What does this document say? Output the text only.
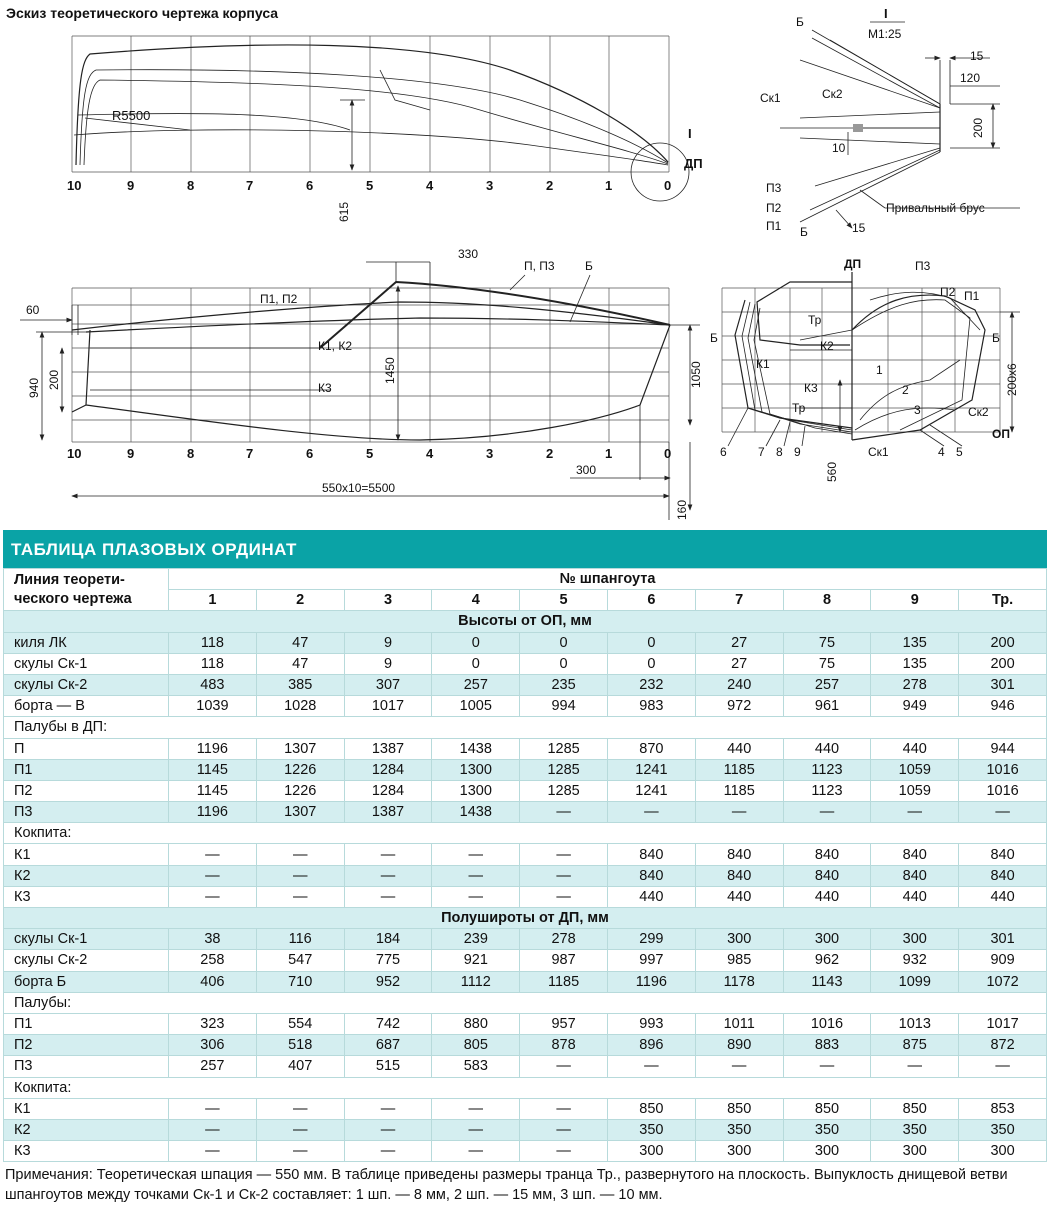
Эскиз теоретического чертежа корпуса
R5500
615
I
ДП
10	9	8	7	6	5	4	3	2	1	0
I
М1:25
15
120
200
10
15
Б
Ск1	Ск2
П3
П2
П1 Б
Привальный брус
П1, П2
П, П3	Б
К1, К2
К3
330
1450
60
940 200	1050
300
550х10=5500
160
10	9	8	7	6	5	4	3	2	1	0
200х6
560
ДП
Б	Б
П3
П2 П1
Тр
К2
К1
К3
Тр	Ск2
Ск1
ОП
1
2
3
6	7 8 9	4 5
ТАБЛИЦА ПЛАЗОВЫХ ОРДИНАТ
Линия теорети-ческого чертежа	№ шпангоута									
	1	2	3	4	5	6	7	8	9	Тр.
Высоты от ОП, мм										
киля ЛК	118	47	9	0	0	0	27	75	135	200
скулы Ск-1	118	47	9	0	0	0	27	75	135	200
скулы Ск-2	483	385	307	257	235	232	240	257	278	301
борта — В	1039	1028	1017	1005	994	983	972	961	949	946
Палубы в ДП:										
П	1196	1307	1387	1438	1285	870	440	440	440	944
П1	1145	1226	1284	1300	1285	1241	1185	1123	1059	1016
П2	1145	1226	1284	1300	1285	1241	1185	1123	1059	1016
П3	1196	1307	1387	1438	—	—	—	—	—	—
Кокпита:										
К1	—	—	—	—	—	840	840	840	840	840
К2	—	—	—	—	—	840	840	840	840	840
К3	—	—	—	—	—	440	440	440	440	440
Полушироты от ДП, мм										
скулы Ск-1	38	116	184	239	278	299	300	300	300	301
скулы Ск-2	258	547	775	921	987	997	985	962	932	909
борта Б	406	710	952	1112	1185	1196	1178	1143	1099	1072
Палубы:										
П1	323	554	742	880	957	993	1011	1016	1013	1017
П2	306	518	687	805	878	896	890	883	875	872
П3	257	407	515	583	—	—	—	—	—	—
Кокпита:										
К1	—	—	—	—	—	850	850	850	850	853
К2	—	—	—	—	—	350	350	350	350	350
К3	—	—	—	—	—	300	300	300	300	300
Примечания: Теоретическая шпация — 550 мм. В таблице приведены размеры транца Тр., развернутого на плоскость. Выпуклость днищевой ветви шпангоутов между точками Ск-1 и Ск-2 составляет: 1 шп. — 8 мм, 2 шп. — 15 мм, 3 шп. — 10 мм.
